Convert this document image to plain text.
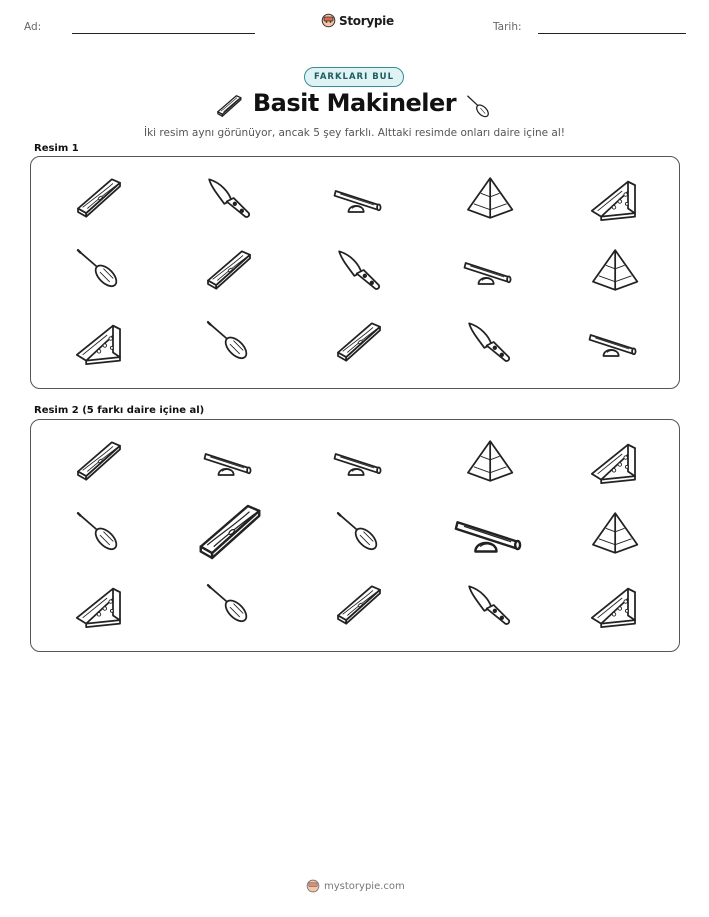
Ad:	Storypie	Tarih:
FARKLARI BUL
Basit Makineler
İki resim aynı görünüyor, ancak 5 şey farklı. Alttaki resimde onları daire içine al!
Resim 1
Resim 2 (5 farkı daire içine al)
mystorypie.com
